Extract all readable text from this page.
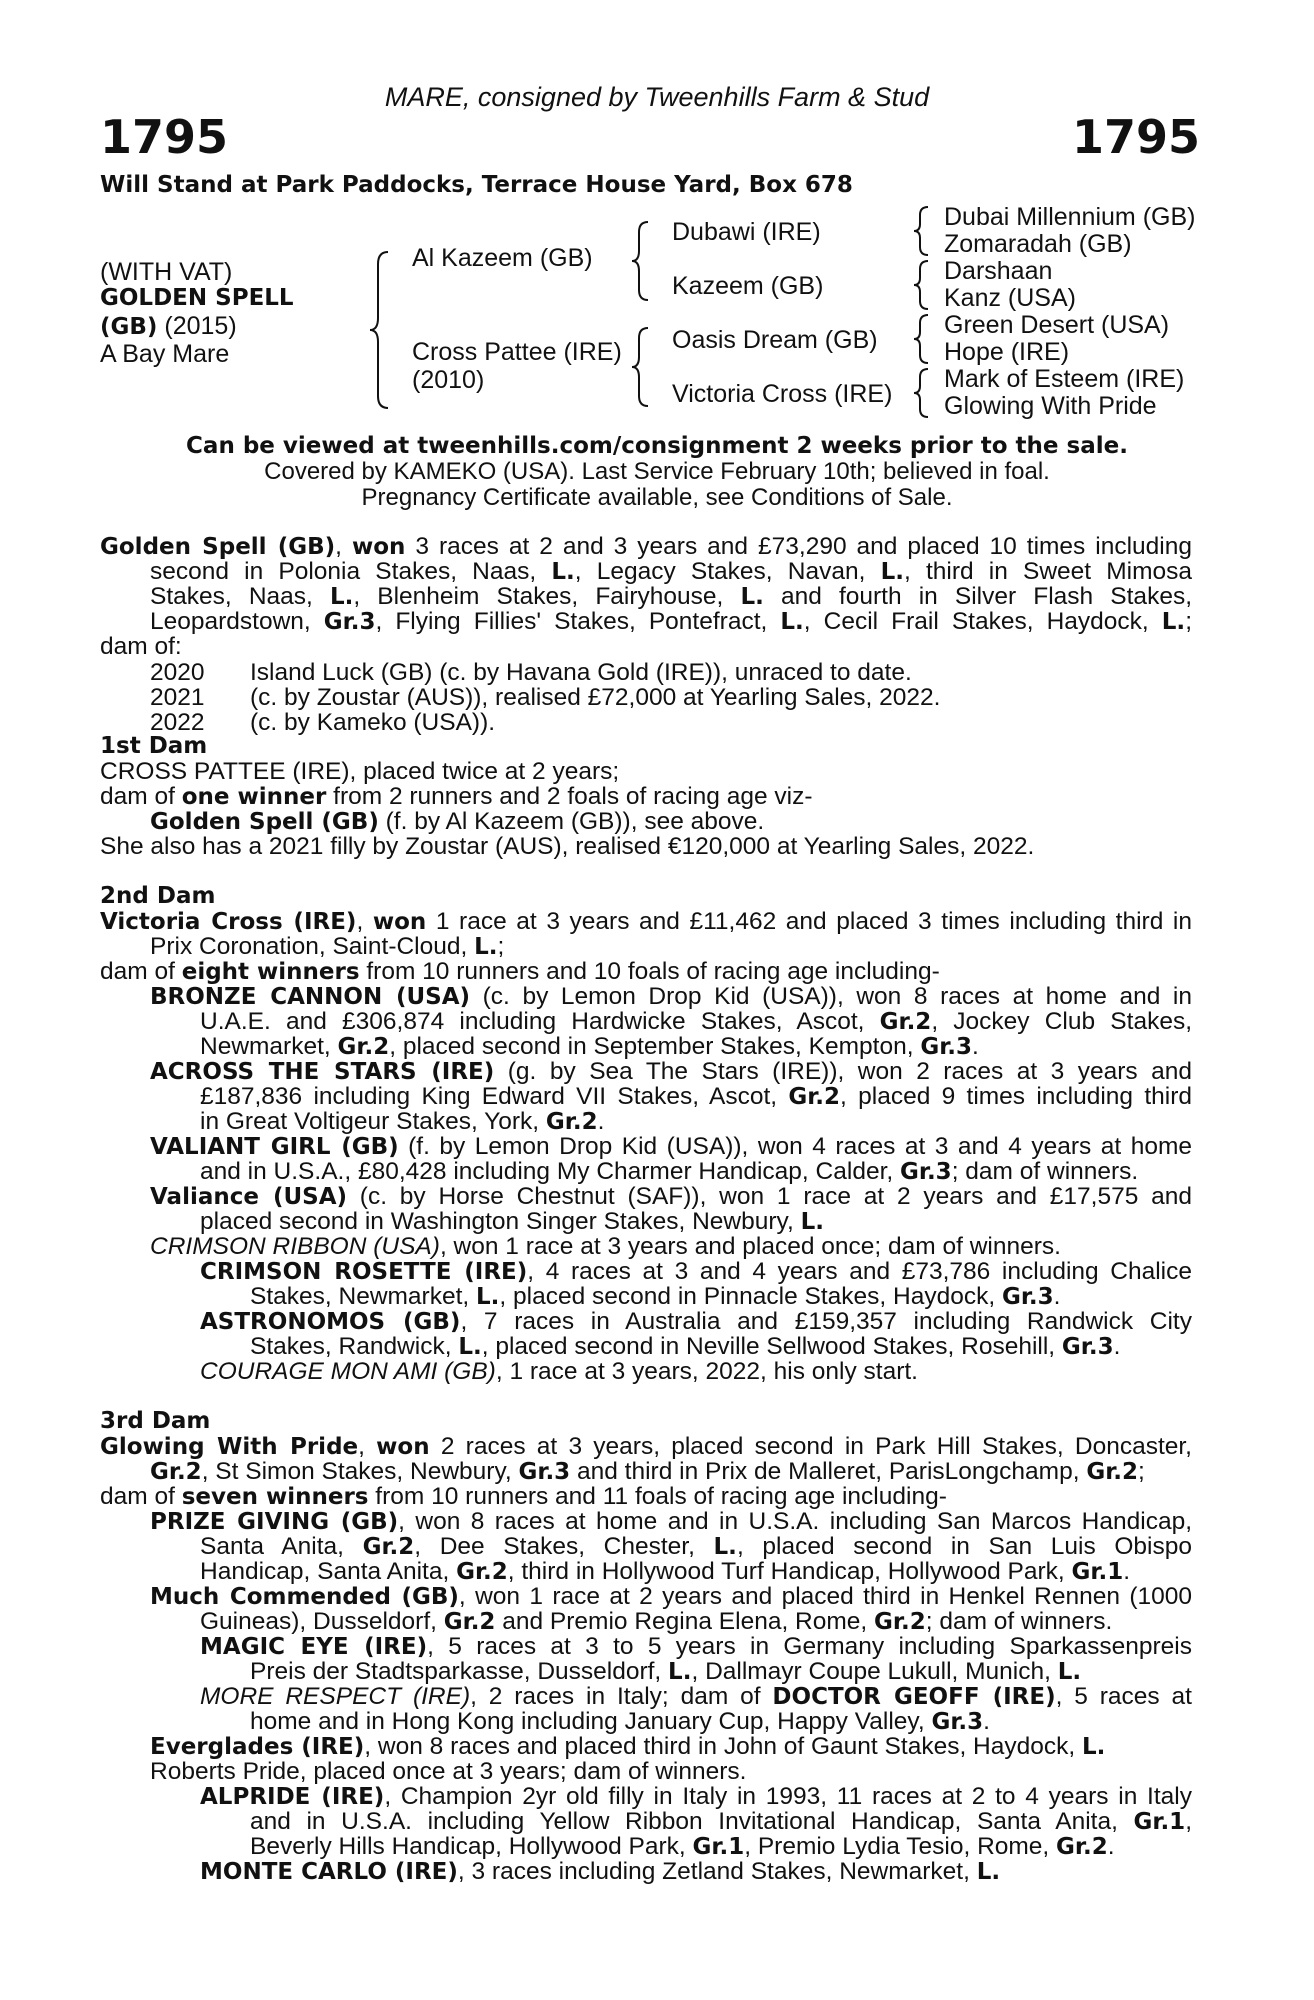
MARE, consigned by Tweenhills Farm & Stud
1795	1795
Will Stand at Park Paddocks, Terrace House Yard, Box 678
(WITH VAT)
GOLDEN SPELL
(GB) (2015)
A Bay Mare
Al Kazeem (GB)
Cross Pattee (IRE)
(2010)
Dubawi (IRE)
Kazeem (GB)
Oasis Dream (GB)
Victoria Cross (IRE)
Dubai Millennium (GB)
Zomaradah (GB)
Darshaan
Kanz (USA)
Green Desert (USA)
Hope (IRE)
Mark of Esteem (IRE)
Glowing With Pride
Can be viewed at tweenhills.com/consignment 2 weeks prior to the sale.
Covered by KAMEKO (USA). Last Service February 10th; believed in foal.
Pregnancy Certificate available, see Conditions of Sale.
Golden Spell (GB), won 3 races at 2 and 3 years and £73,290 and placed 10 times including
second in Polonia Stakes, Naas, L., Legacy Stakes, Navan, L., third in Sweet Mimosa
Stakes, Naas, L., Blenheim Stakes, Fairyhouse, L. and fourth in Silver Flash Stakes,
Leopardstown, Gr.3, Flying Fillies' Stakes, Pontefract, L., Cecil Frail Stakes, Haydock, L.;
dam of:
2020 Island Luck (GB) (c. by Havana Gold (IRE)), unraced to date.
2021 (c. by Zoustar (AUS)), realised £72,000 at Yearling Sales, 2022.
2022 (c. by Kameko (USA)).
1st Dam
CROSS PATTEE (IRE), placed twice at 2 years;
dam of one winner from 2 runners and 2 foals of racing age viz-
Golden Spell (GB) (f. by Al Kazeem (GB)), see above.
She also has a 2021 filly by Zoustar (AUS), realised €120,000 at Yearling Sales, 2022.
2nd Dam
Victoria Cross (IRE), won 1 race at 3 years and £11,462 and placed 3 times including third in
Prix Coronation, Saint-Cloud, L.;
dam of eight winners from 10 runners and 10 foals of racing age including-
BRONZE CANNON (USA) (c. by Lemon Drop Kid (USA)), won 8 races at home and in
U.A.E. and £306,874 including Hardwicke Stakes, Ascot, Gr.2, Jockey Club Stakes,
Newmarket, Gr.2, placed second in September Stakes, Kempton, Gr.3.
ACROSS THE STARS (IRE) (g. by Sea The Stars (IRE)), won 2 races at 3 years and
£187,836 including King Edward VII Stakes, Ascot, Gr.2, placed 9 times including third
in Great Voltigeur Stakes, York, Gr.2.
VALIANT GIRL (GB) (f. by Lemon Drop Kid (USA)), won 4 races at 3 and 4 years at home
and in U.S.A., £80,428 including My Charmer Handicap, Calder, Gr.3; dam of winners.
Valiance (USA) (c. by Horse Chestnut (SAF)), won 1 race at 2 years and £17,575 and
placed second in Washington Singer Stakes, Newbury, L.
CRIMSON RIBBON (USA), won 1 race at 3 years and placed once; dam of winners.
CRIMSON ROSETTE (IRE), 4 races at 3 and 4 years and £73,786 including Chalice
Stakes, Newmarket, L., placed second in Pinnacle Stakes, Haydock, Gr.3.
ASTRONOMOS (GB), 7 races in Australia and £159,357 including Randwick City
Stakes, Randwick, L., placed second in Neville Sellwood Stakes, Rosehill, Gr.3.
COURAGE MON AMI (GB), 1 race at 3 years, 2022, his only start.
3rd Dam
Glowing With Pride, won 2 races at 3 years, placed second in Park Hill Stakes, Doncaster,
Gr.2, St Simon Stakes, Newbury, Gr.3 and third in Prix de Malleret, ParisLongchamp, Gr.2;
dam of seven winners from 10 runners and 11 foals of racing age including-
PRIZE GIVING (GB), won 8 races at home and in U.S.A. including San Marcos Handicap,
Santa Anita, Gr.2, Dee Stakes, Chester, L., placed second in San Luis Obispo
Handicap, Santa Anita, Gr.2, third in Hollywood Turf Handicap, Hollywood Park, Gr.1.
Much Commended (GB), won 1 race at 2 years and placed third in Henkel Rennen (1000
Guineas), Dusseldorf, Gr.2 and Premio Regina Elena, Rome, Gr.2; dam of winners.
MAGIC EYE (IRE), 5 races at 3 to 5 years in Germany including Sparkassenpreis
Preis der Stadtsparkasse, Dusseldorf, L., Dallmayr Coupe Lukull, Munich, L.
MORE RESPECT (IRE), 2 races in Italy; dam of DOCTOR GEOFF (IRE), 5 races at
home and in Hong Kong including January Cup, Happy Valley, Gr.3.
Everglades (IRE), won 8 races and placed third in John of Gaunt Stakes, Haydock, L.
Roberts Pride, placed once at 3 years; dam of winners.
ALPRIDE (IRE), Champion 2yr old filly in Italy in 1993, 11 races at 2 to 4 years in Italy
and in U.S.A. including Yellow Ribbon Invitational Handicap, Santa Anita, Gr.1,
Beverly Hills Handicap, Hollywood Park, Gr.1, Premio Lydia Tesio, Rome, Gr.2.
MONTE CARLO (IRE), 3 races including Zetland Stakes, Newmarket, L.
